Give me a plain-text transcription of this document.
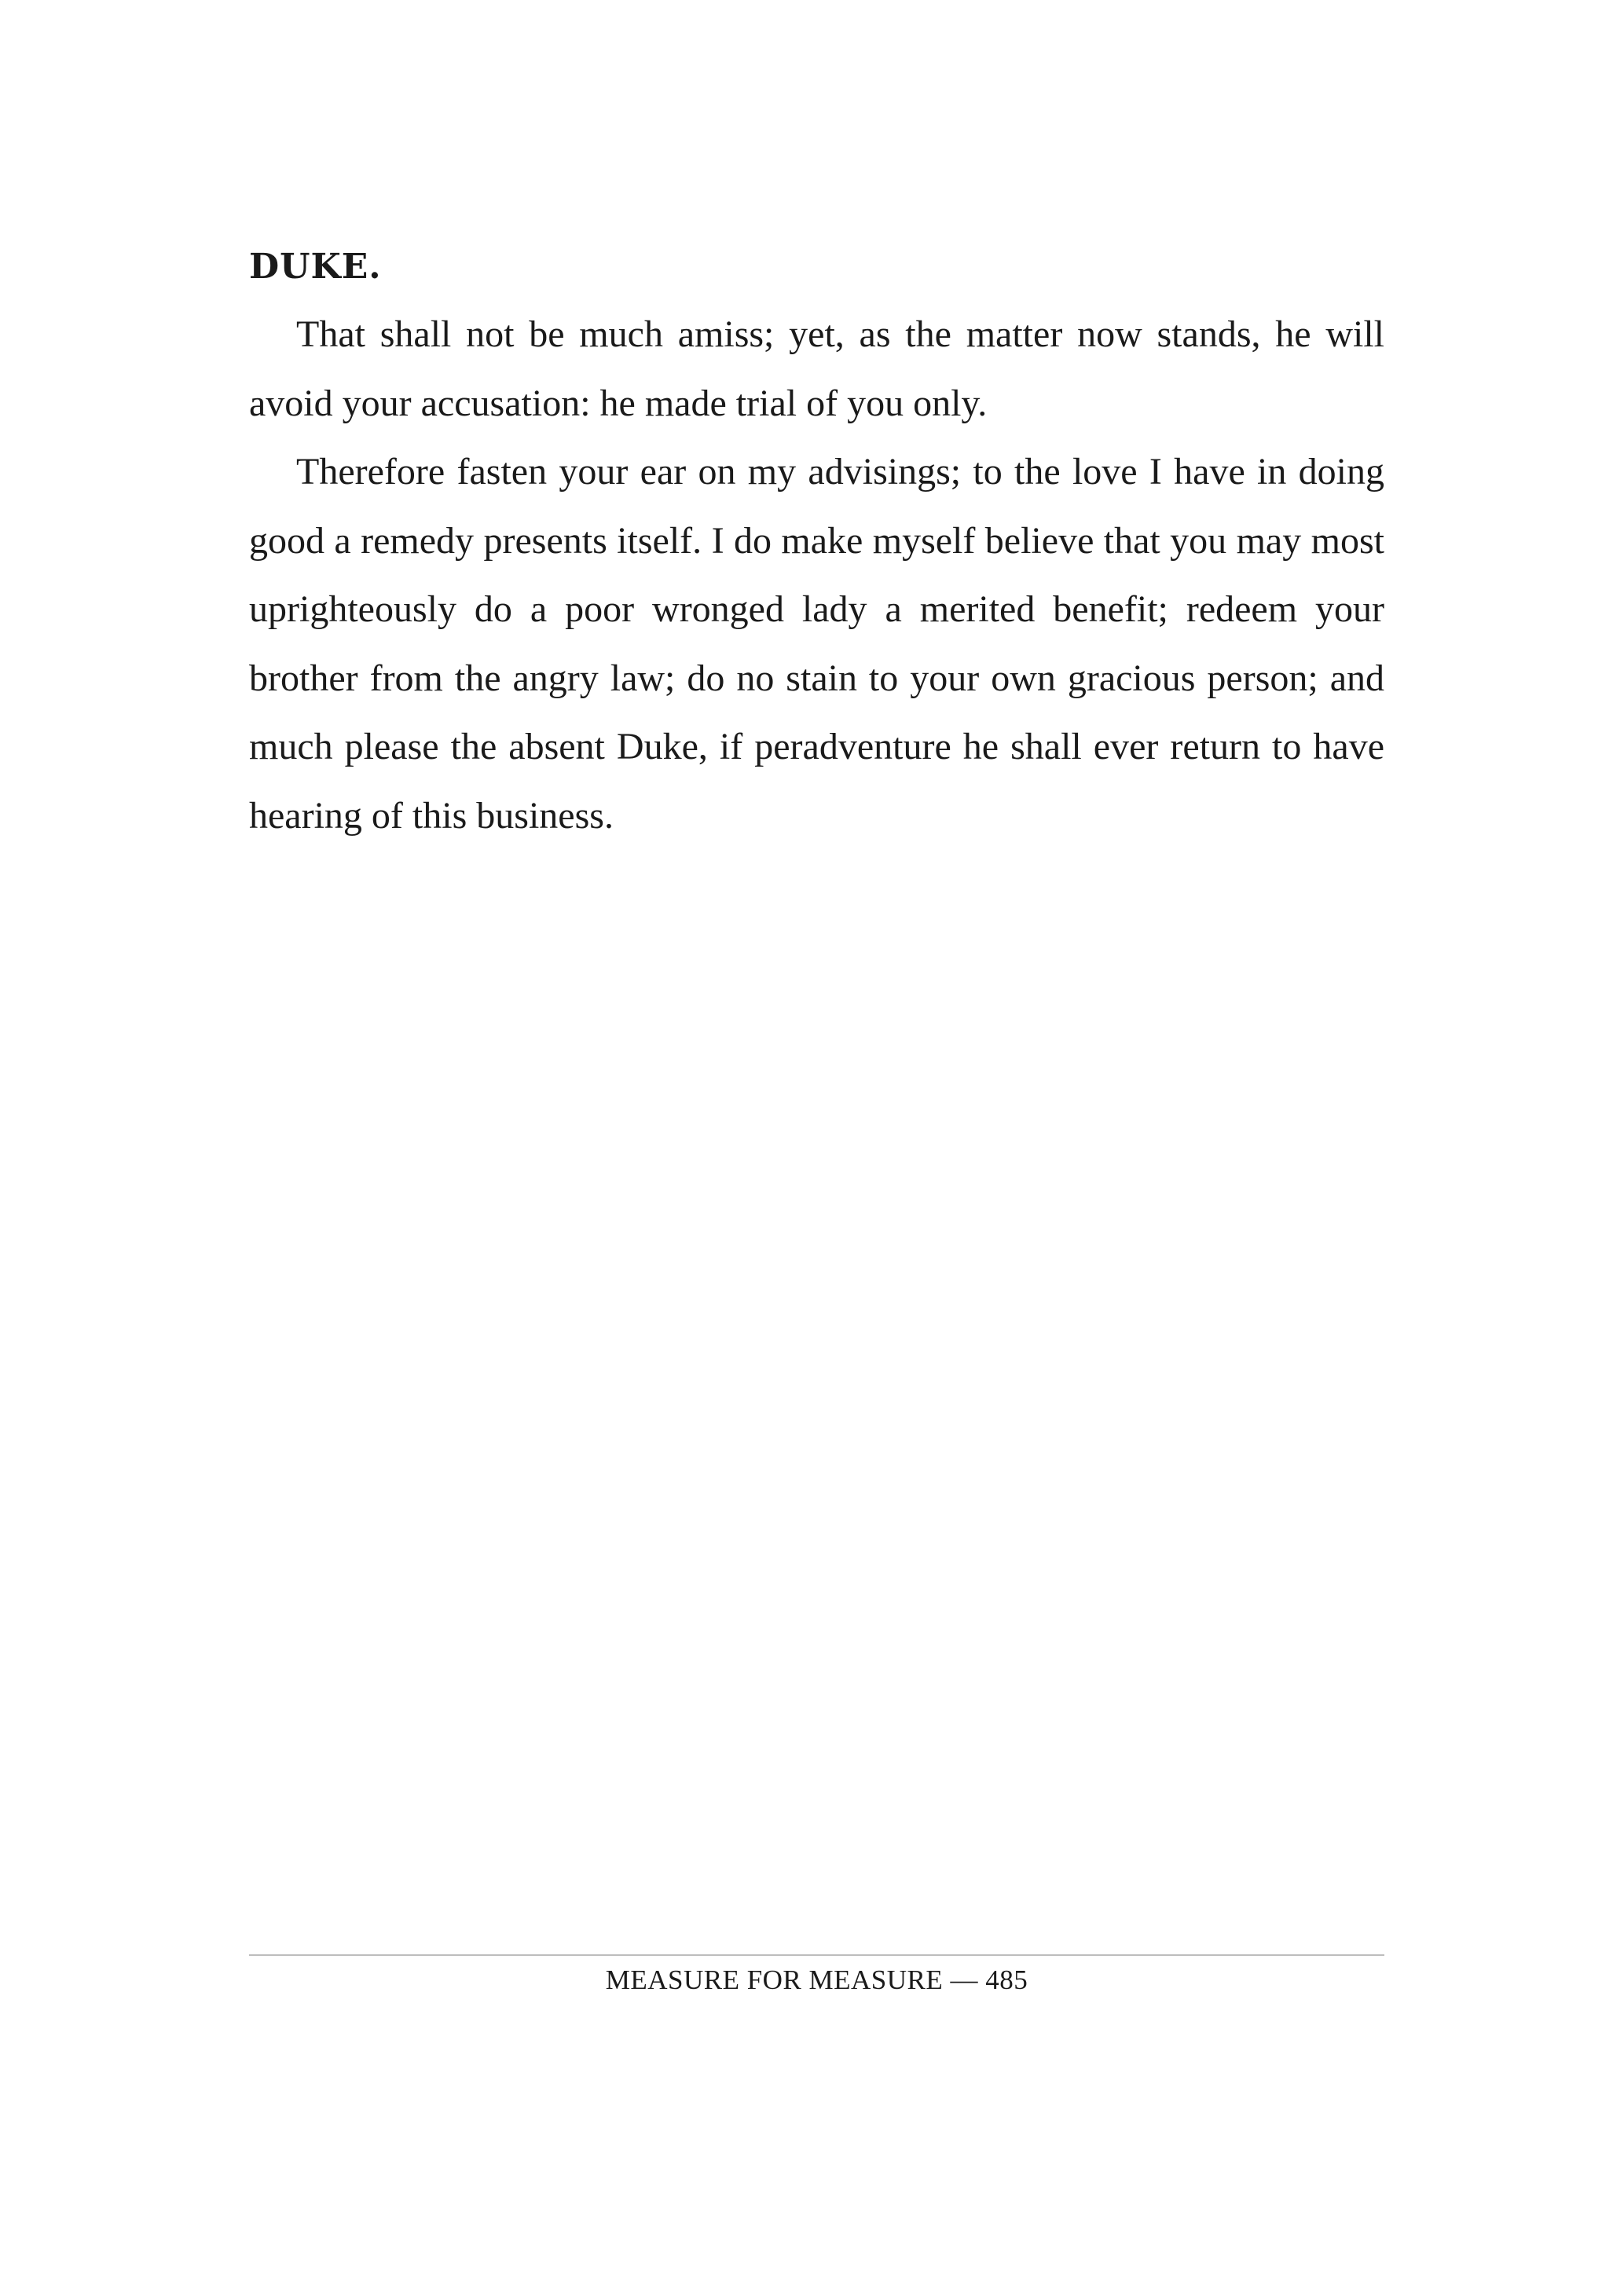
DUKE.

That shall not be much amiss; yet, as the matter now stands, he will avoid your accusation: he made trial of you only.

Therefore fasten your ear on my advisings; to the love I have in doing good a remedy presents itself. I do make myself believe that you may most uprighteously do a poor wronged lady a merited benefit; redeem your brother from the angry law; do no stain to your own gracious person; and much please the absent Duke, if peradventure he shall ever return to have hearing of this business.

MEASURE FOR MEASURE — 485
